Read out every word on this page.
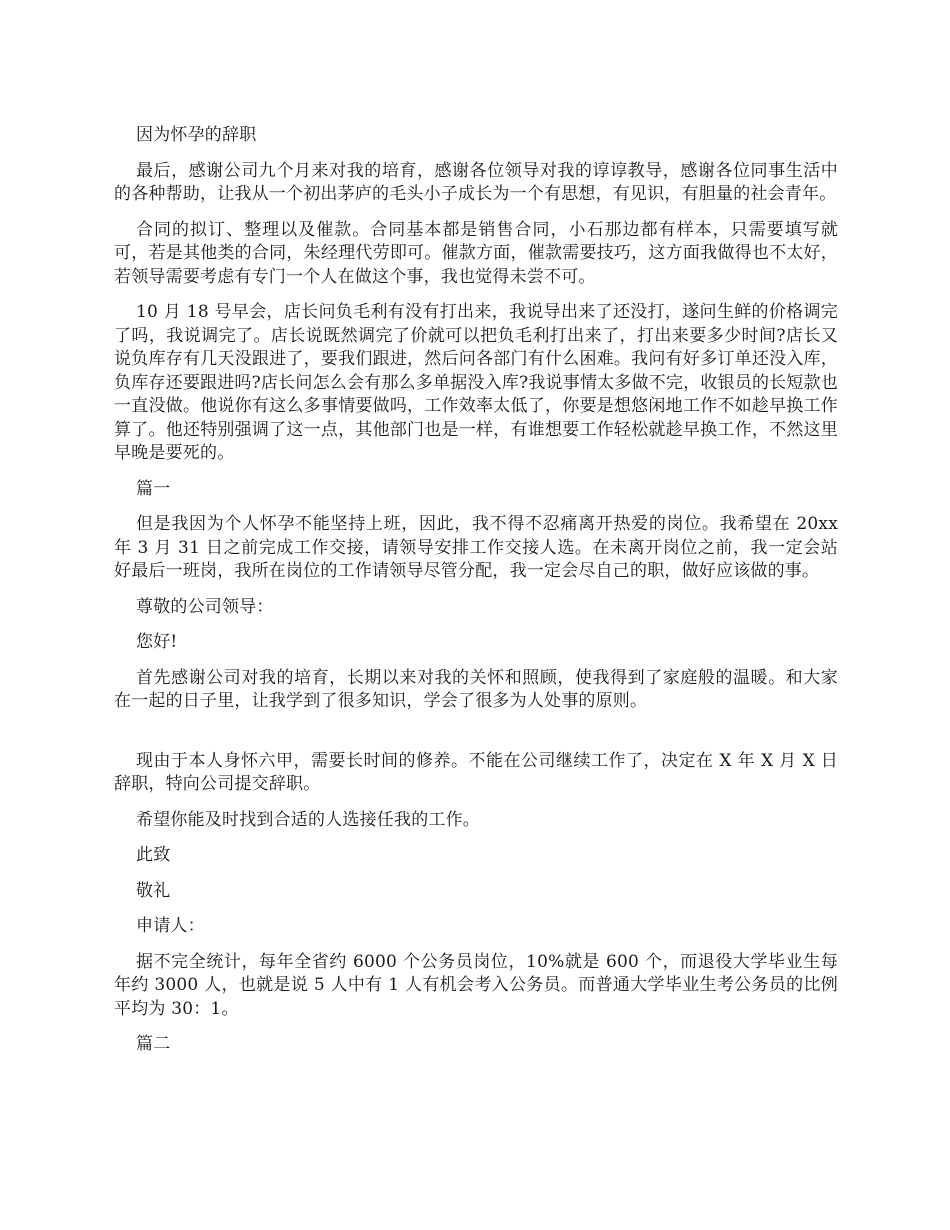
因为怀孕的辞职

最后，感谢公司九个月来对我的培育，感谢各位领导对我的谆谆教导，感谢各位同事生活中的各种帮助，让我从一个初出茅庐的毛头小子成长为一个有思想，有见识，有胆量的社会青年。

合同的拟订、整理以及催款。合同基本都是销售合同，小石那边都有样本，只需要填写就可，若是其他类的合同，朱经理代劳即可。催款方面，催款需要技巧，这方面我做得也不太好，若领导需要考虑有专门一个人在做这个事，我也觉得未尝不可。

10 月 18 号早会，店长问负毛利有没有打出来，我说导出来了还没打，遂问生鲜的价格调完了吗，我说调完了。店长说既然调完了价就可以把负毛利打出来了，打出来要多少时间?店长又说负库存有几天没跟进了，要我们跟进，然后问各部门有什么困难。我问有好多订单还没入库，负库存还要跟进吗?店长问怎么会有那么多单据没入库?我说事情太多做不完，收银员的长短款也一直没做。他说你有这么多事情要做吗，工作效率太低了，你要是想悠闲地工作不如趁早换工作算了。他还特别强调了这一点，其他部门也是一样，有谁想要工作轻松就趁早换工作，不然这里早晚是要死的。

篇一

但是我因为个人怀孕不能坚持上班，因此，我不得不忍痛离开热爱的岗位。我希望在 20xx 年 3 月 31 日之前完成工作交接，请领导安排工作交接人选。在未离开岗位之前，我一定会站好最后一班岗，我所在岗位的工作请领导尽管分配，我一定会尽自己的职，做好应该做的事。

尊敬的公司领导：

您好!

首先感谢公司对我的培育，长期以来对我的关怀和照顾，使我得到了家庭般的温暖。和大家在一起的日子里，让我学到了很多知识，学会了很多为人处事的原则。

现由于本人身怀六甲，需要长时间的修养。不能在公司继续工作了，决定在 X 年 X 月 X 日辞职，特向公司提交辞职。

希望你能及时找到合适的人选接任我的工作。

此致

敬礼

申请人：

据不完全统计，每年全省约 6000 个公务员岗位，10%就是 600 个，而退役大学毕业生每年约 3000 人，也就是说 5 人中有 1 人有机会考入公务员。而普通大学毕业生考公务员的比例平均为 30：1。

篇二
